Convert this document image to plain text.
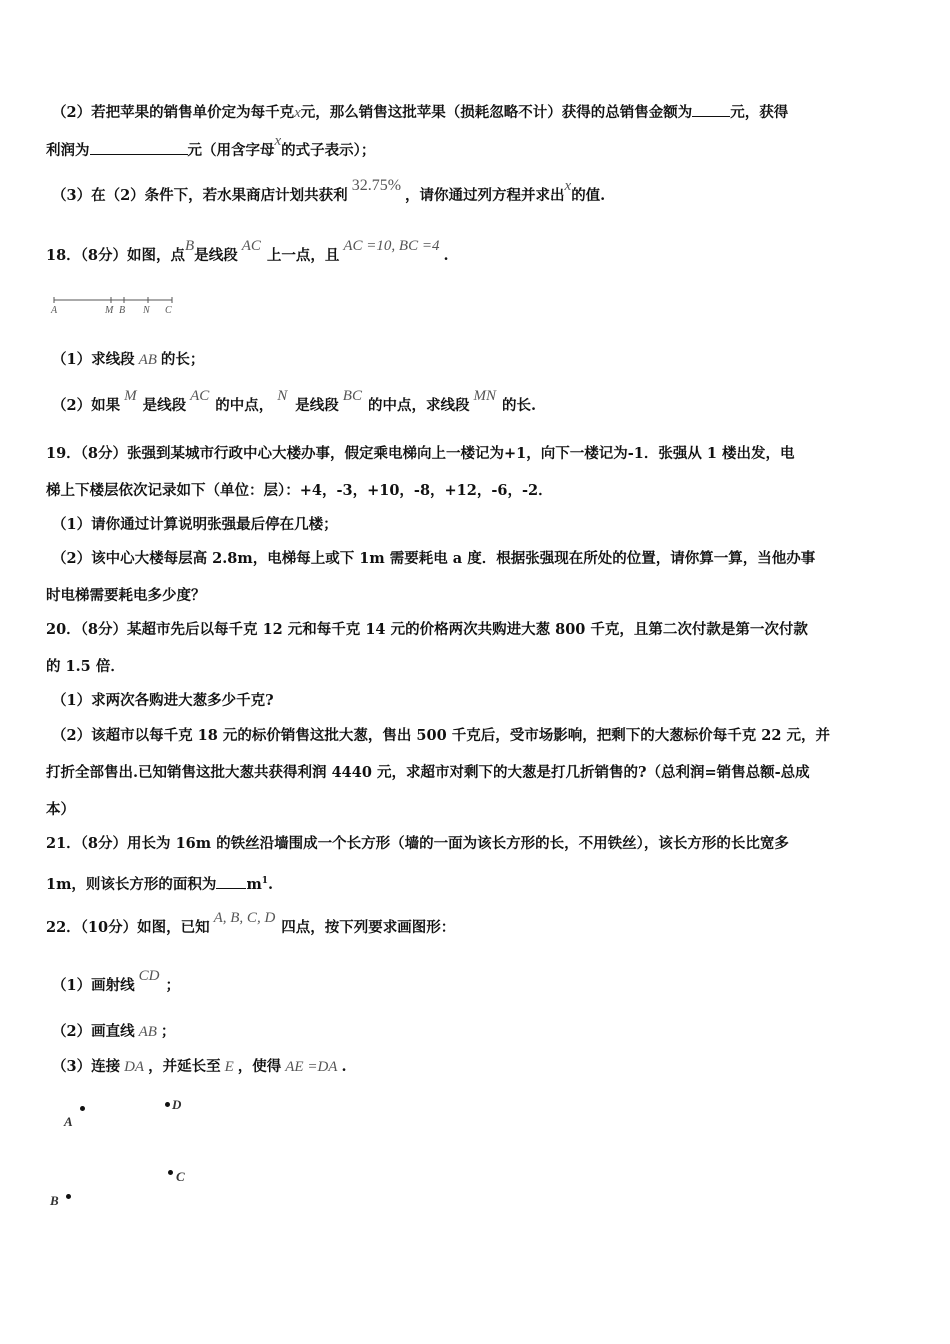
（2）若把苹果的销售单价定为每千克x元，那么销售这批苹果（损耗忽略不计）获得的总销售金额为	元，获得
利润为	元（用含字母x的式子表示）；
（3）在（2）条件下，若水果商店计划共获利32.75%，请你通过列方程并求出x的值.
18．（8分）如图，点B是线段AC上一点，且AC =10, BC =4.
A	M B N C
（1）求线段 AB 的长；
（2）如果M是线段AC的中点，N是线段BC的中点，求线段MN的长.
19．（8分）张强到某城市行政中心大楼办事，假定乘电梯向上一楼记为+1，向下一楼记为-1．张强从 1 楼出发，电
梯上下楼层依次记录如下（单位：层）：+4，-3，+10，-8，+12，-6，-2．
（1）请你通过计算说明张强最后停在几楼；
（2）该中心大楼每层高 2.8m，电梯每上或下 1m 需要耗电 a 度．根据张强现在所处的位置，请你算一算，当他办事
时电梯需要耗电多少度？
20．（8分）某超市先后以每千克 12 元和每千克 14 元的价格两次共购进大葱 800 千克，且第二次付款是第一次付款
的 1.5 倍．
（1）求两次各购进大葱多少千克?
（2）该超市以每千克 18 元的标价销售这批大葱，售出 500 千克后，受市场影响，把剩下的大葱标价每千克 22 元，并
打折全部售出.已知销售这批大葱共获得利润 4440 元，求超市对剩下的大葱是打几折销售的?（总利润=销售总额-总成
本）
21．（8分）用长为 16m 的铁丝沿墙围成一个长方形（墙的一面为该长方形的长，不用铁丝），该长方形的长比宽多
1m，则该长方形的面积为 $m^1$.
22．（10分）如图，已知A, B, C, D四点，按下列要求画图形：
（1）画射线CD；
（2）画直线 AB ；
（3）连接 DA ，并延长至 E ，使得 AE =DA .
A
D
C
B
